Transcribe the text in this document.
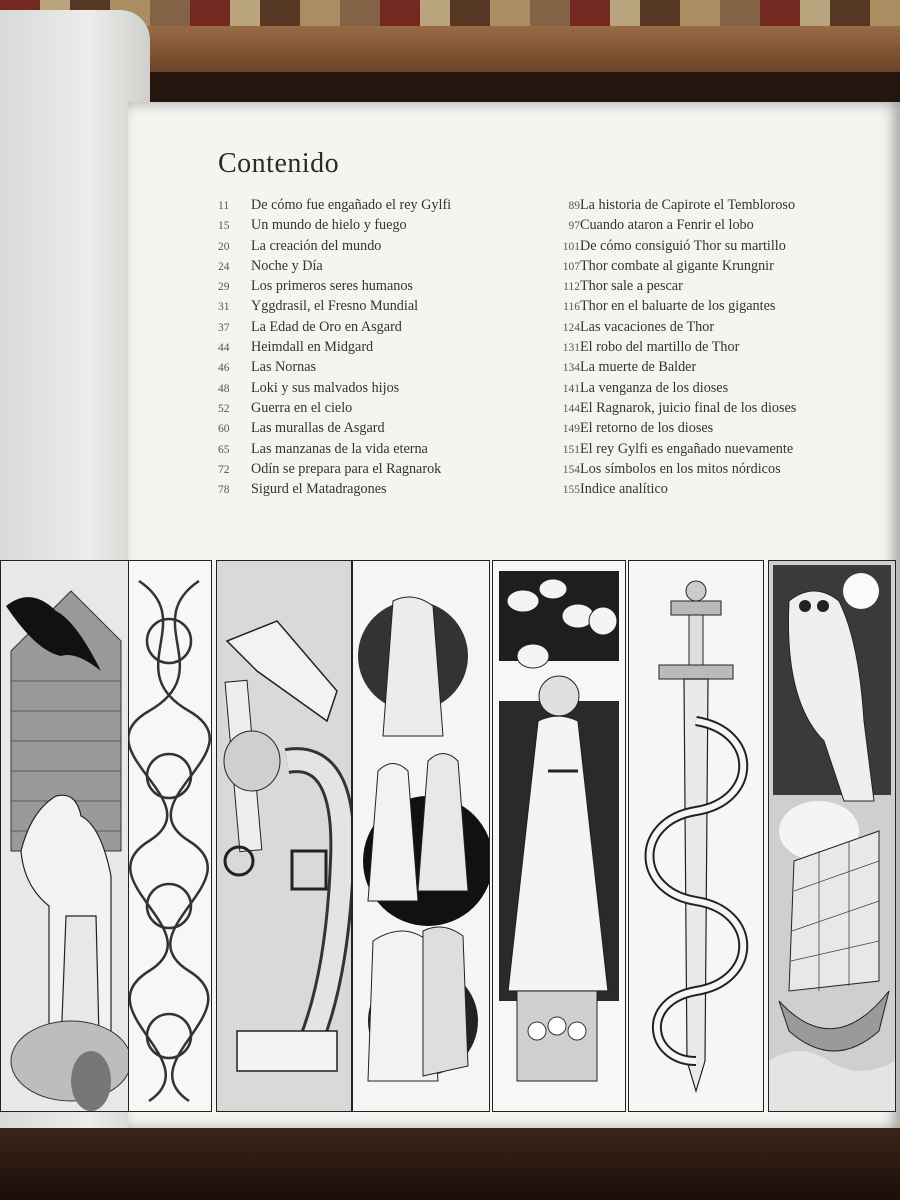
Contenido
11	De cómo fue engañado el rey Gylfi
15	Un mundo de hielo y fuego
20	La creación del mundo
24	Noche y Día
29	Los primeros seres humanos
31	Yggdrasil, el Fresno Mundial
37	La Edad de Oro en Asgard
44	Heimdall en Midgard
46	Las Nornas
48	Loki y sus malvados hijos
52	Guerra en el cielo
60	Las murallas de Asgard
65	Las manzanas de la vida eterna
72	Odín se prepara para el Ragnarok
78	Sigurd el Matadragones
89 La historia de Capirote el Tembloroso
97 Cuando ataron a Fenrir el lobo
101 De cómo consiguió Thor su martillo
107 Thor combate al gigante Krungnir
112 Thor sale a pescar
116 Thor en el baluarte de los gigantes
124 Las vacaciones de Thor
131 El robo del martillo de Thor
134 La muerte de Balder
141 La venganza de los dioses
144 El Ragnarok, juicio final de los dioses
149 El retorno de los dioses
151 El rey Gylfi es engañado nuevamente
154 Los símbolos en los mitos nórdicos
155 Indice analítico
